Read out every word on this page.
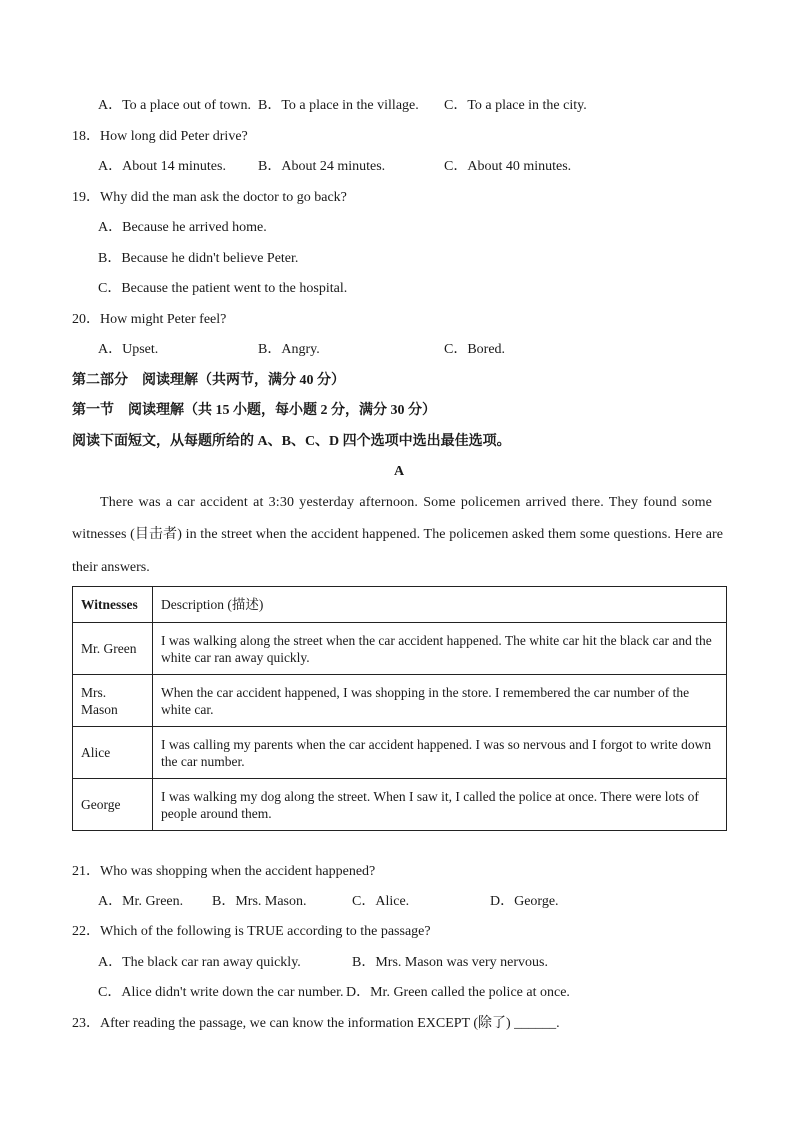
A．To a place out of town. B．To a place in the village. C．To a place in the city.
18．How long did Peter drive?
A．About 14 minutes. B．About 24 minutes.	C．About 40 minutes.
19．Why did the man ask the doctor to go back?
A．Because he arrived home.
B．Because he didn't believe Peter.
C．Because the patient went to the hospital.
20．How might Peter feel?
A．Upset.	B．Angry.	C．Bored.
第二部分　阅读理解（共两节，满分 40 分）
第一节　阅读理解（共 15 小题，每小题 2 分，满分 30 分）
阅读下面短文，从每题所给的 A、B、C、D 四个选项中选出最佳选项。
A
There was a car accident at 3:30 yesterday afternoon. Some policemen arrived there. They found some
witnesses (目击者) in the street when the accident happened. The policemen asked them some questions. Here are
their answers.
Witnesses	Description (描述)
Mr. Green	I was walking along the street when the car accident happened. The white car hit the black car and the white car ran away quickly.
Mrs. Mason	When the car accident happened, I was shopping in the store. I remembered the car number of the white car.
Alice	I was calling my parents when the car accident happened. I was so nervous and I forgot to write down the car number.
George	I was walking my dog along the street. When I saw it, I called the police at once. There were lots of people around them.
21．Who was shopping when the accident happened?
A．Mr. Green. B．Mrs. Mason.	C．Alice.	D．George.
22．Which of the following is TRUE according to the passage?
A．The black car ran away quickly.	B．Mrs. Mason was very nervous.
C．Alice didn't write down the car number. D．Mr. Green called the police at once.
23．After reading the passage, we can know the information EXCEPT (除了) ______.
